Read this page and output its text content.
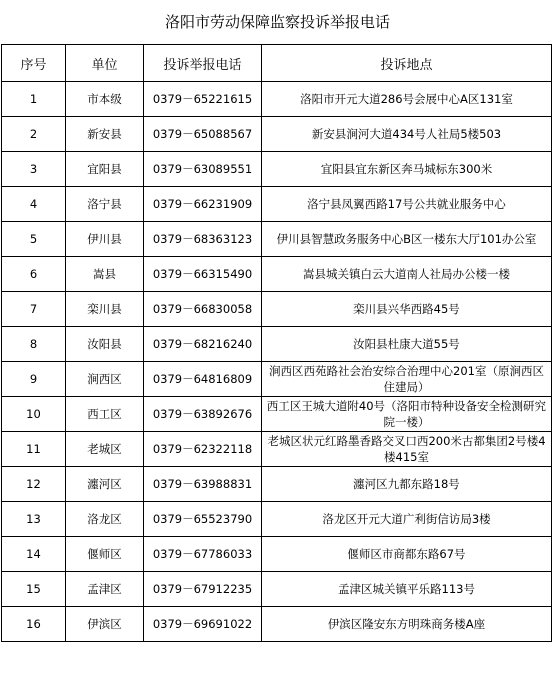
洛阳市劳动保障监察投诉举报电话
序号	单位	投诉举报电话	投诉地点
1	市本级	0379－65221615	洛阳市开元大道286号会展中心A区131室
2	新安县	0379－65088567	新安县涧河大道434号人社局5楼503
3	宜阳县	0379－63089551	宜阳县宜东新区奔马城标东300米
4	洛宁县	0379－66231909	洛宁县凤翼西路17号公共就业服务中心
5	伊川县	0379－68363123	伊川县智慧政务服务中心B区一楼东大厅101办公室
6	嵩县	0379－66315490	嵩县城关镇白云大道南人社局办公楼一楼
7	栾川县	0379－66830058	栾川县兴华西路45号
8	汝阳县	0379－68216240	汝阳县杜康大道55号
9	涧西区	0379－64816809	涧西区西苑路社会治安综合治理中心201室（原涧西区住建局）
10	西工区	0379－63892676	西工区王城大道附40号（洛阳市特种设备安全检测研究院一楼）
11	老城区	0379－62322118	老城区状元红路墨香路交叉口西200米古都集团2号楼4楼415室
12	瀍河区	0379－63988831	瀍河区九都东路18号
13	洛龙区	0379－65523790	洛龙区开元大道广利街信访局3楼
14	偃师区	0379－67786033	偃师区市商都东路67号
15	孟津区	0379－67912235	孟津区城关镇平乐路113号
16	伊滨区	0379－69691022	伊滨区隆安东方明珠商务楼A座
